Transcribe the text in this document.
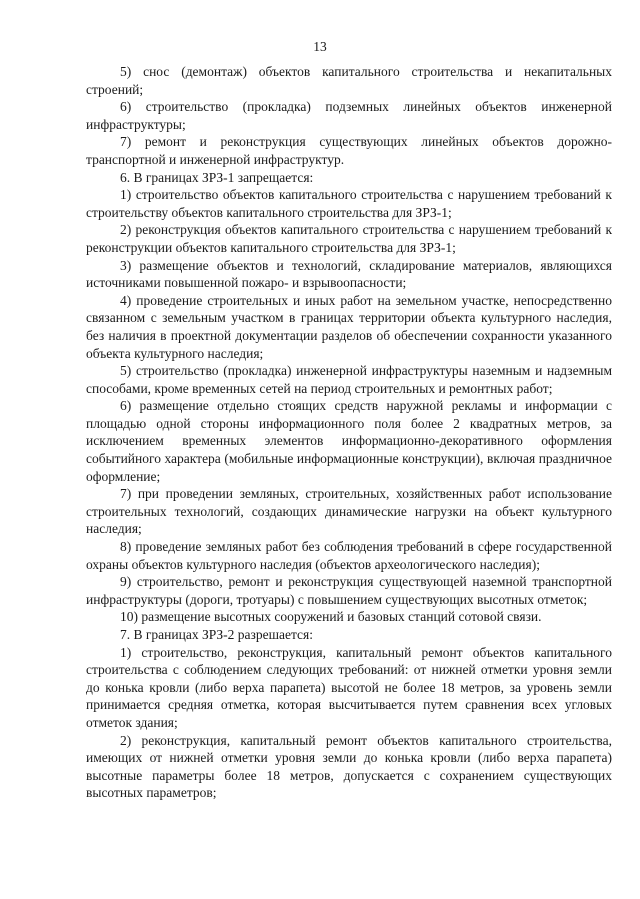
13

5) снос (демонтаж) объектов капитального строительства и некапитальных строений;

6) строительство (прокладка) подземных линейных объектов инженерной инфраструктуры;

7) ремонт и реконструкция существующих линейных объектов дорожно-транспортной и инженерной инфраструктур.

6. В границах ЗРЗ-1 запрещается:

1) строительство объектов капитального строительства с нарушением требований к строительству объектов капитального строительства для ЗРЗ-1;

2) реконструкция объектов капитального строительства с нарушением требований к реконструкции объектов капитального строительства для ЗРЗ-1;

3) размещение объектов и технологий, складирование материалов, являющихся источниками повышенной пожаро- и взрывоопасности;

4) проведение строительных и иных работ на земельном участке, непосредственно связанном с земельным участком в границах территории объекта культурного наследия, без наличия в проектной документации разделов об обеспечении сохранности указанного объекта культурного наследия;

5) строительство (прокладка) инженерной инфраструктуры наземным и надземным способами, кроме временных сетей на период строительных и ремонтных работ;

6) размещение отдельно стоящих средств наружной рекламы и информации с площадью одной стороны информационного поля более 2 квадратных метров, за исключением временных элементов информационно-декоративного оформления событийного характера (мобильные информационные конструкции), включая праздничное оформление;

7) при проведении земляных, строительных, хозяйственных работ использование строительных технологий, создающих динамические нагрузки на объект культурного наследия;

8) проведение земляных работ без соблюдения требований в сфере государственной охраны объектов культурного наследия (объектов археологического наследия);

9) строительство, ремонт и реконструкция существующей наземной транспортной инфраструктуры (дороги, тротуары) с повышением существующих высотных отметок;

10) размещение высотных сооружений и базовых станций сотовой связи.

7. В границах ЗРЗ-2 разрешается:

1) строительство, реконструкция, капитальный ремонт объектов капитального строительства с соблюдением следующих требований: от нижней отметки уровня земли до конька кровли (либо верха парапета) высотой не более 18 метров, за уровень земли принимается средняя отметка, которая высчитывается путем сравнения всех угловых отметок здания;

2) реконструкция, капитальный ремонт объектов капитального строительства, имеющих от нижней отметки уровня земли до конька кровли (либо верха парапета) высотные параметры более 18 метров, допускается с сохранением существующих высотных параметров;
